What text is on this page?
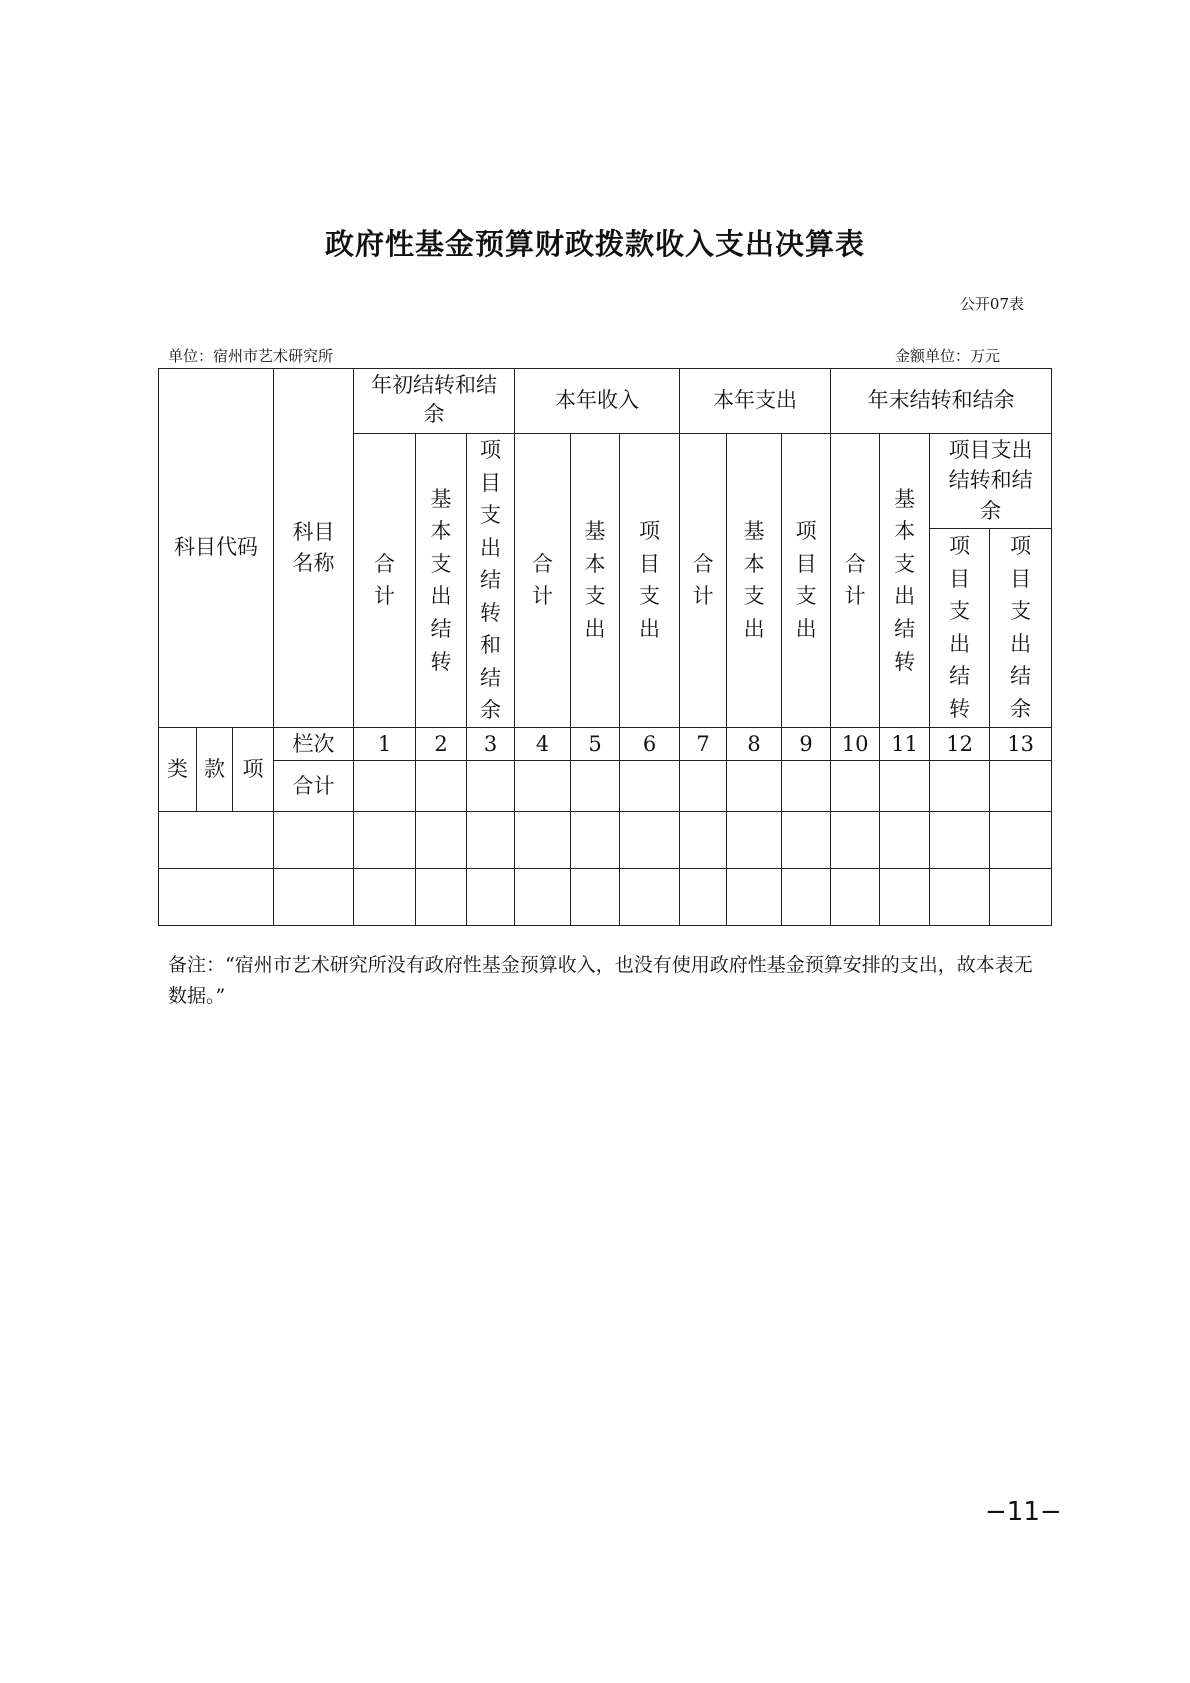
政府性基金预算财政拨款收入支出决算表
公开07表
单位：宿州市艺术研究所	金额单位：万元
科目代码			科目名称	年初结转和结余			本年收入			本年支出			年末结转和结余			
				合计	基本支出结转	项目支出结转和结余	合计	基本支出	项目支出	合计	基本支出	项目支出	合计	基本支出结转	项目支出结转和结余	
															项目支出结转	项目支出结余
类	款	项	栏次	1	2	3	4	5	6	7	8	9	10	11	12	13
			合计													

备注：“宿州市艺术研究所没有政府性基金预算收入，也没有使用政府性基金预算安排的支出，故本表无数据。”
−11−
